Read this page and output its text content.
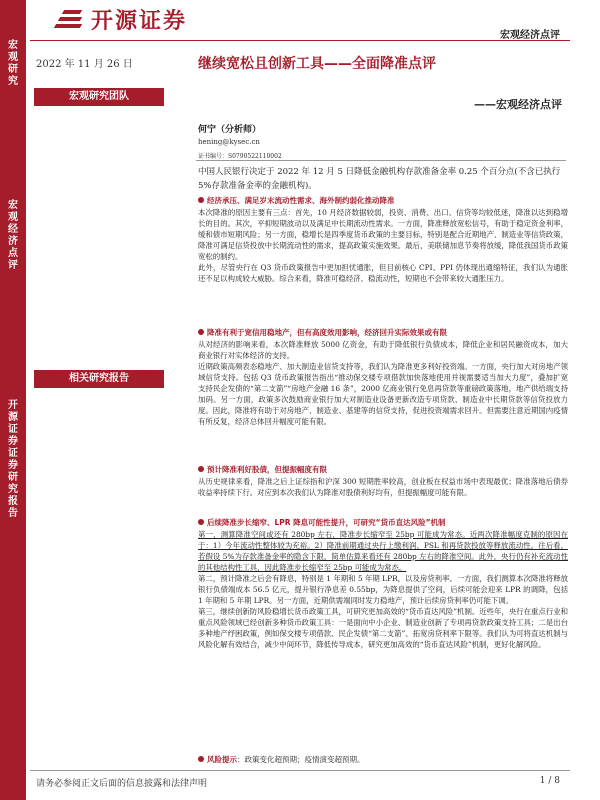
宏观研究
宏观经济点评
开源证券 证券研究报告
开源证券
宏观经济点评
2022 年 11 月 26 日
宏观研究团队
相关研究报告
继续宽松且创新工具——全面降准点评
——宏观经济点评
何宁（分析师）
hening@kysec.cn
证书编号：S0790522110002
中国人民银行决定于 2022 年 12 月 5 日降低金融机构存款准备金率 0.25 个百分点(不含已执行 5%存款准备金率的金融机构)。
经济承压、满足岁末流动性需求、海外制约弱化推动降准
本次降准的原因主要有三点：首先，10 月经济数据较弱，投资、消费、出口、信贷等均较低迷，降准以达到稳增长的目的。其次，平抑短期波动以及满足中长期流动性需求。一方面，降准释放宽松信号，有助于稳定资金利率，缓和债市短期风险；另一方面，稳增长是四季度货币政策的主要目标，特别是配合近期地产、制造业等信贷政策，降准可满足信贷投放中长期流动性的需求，提高政策实施效果。最后，美联储加息节奏将放缓，降低我国货币政策宽松的制约。
此外，尽管央行在 Q3 货币政策报告中更加担忧通胀，但目前核心 CPI、PPI 仍体现出通缩特征，我们认为通胀还不足以构成较大威胁。综合来看，降准可稳经济、稳流动性，短期也不会带来较大通胀压力。
降准有利于宽信用稳地产，但有高度效用影响，经济回升实际效果或有限
从对经济的影响来看，本次降准释放 5000 亿资金，有助于降低银行负债成本，降低企业和居民融资成本，加大商业银行对实体经济的支持。
近期政策高频表态稳地产、加大制造业信贷支持等，我们认为降准更多利好投资端。一方面，央行加大对房地产领域信贷支持。包括 Q3 货币政策报告指出“推动保交楼专项借款加快落地使用并视需要适当加大力度”，叠加扩宽支持民企发债的“第二支箭”“房地产金融 16 条”，2000 亿商业银行免息再贷款等重磅政策落地，地产供给端支持加码。另一方面，政策多次鼓励商业银行加大对制造业设备更新改造专项贷款、制造业中长期贷款等信贷投放力度。因此，降准将有助于对房地产、制造业、基建等的信贷支持，促进投资端需求回升。但需要注意近期国内疫情有所反复，经济总体回升幅度可能有限。
预计降准利好股债，但提振幅度有限
从历史规律来看，降准之后上证综指和沪深 300 短期胜率较高，创业板在权益市场中表现最优；降准落地后债券收益率持续下行。对应到本次我们认为降准对股债利好均有，但提振幅度可能有限。
后续降准步长缩窄、LPR 降息可能性提升，可研究“货币直达风险”机制
第一，测算降准空间或还有 280bp 左右，降准步长缩窄至 25bp 可能成为常态。近两次降准幅度克制的原因在于：1）今年流动性整体较为充裕。2）降准前期通过央行上缴利润、PSL 和再贷款投放等释放流动性。往后看，若假设 5%为存款准备金率的隐含下限，简单估算来看还有 280bp 左右的降准空间。此外，央行仍有补充流动性的其他结构性工具，因此降准步长缩窄至 25bp 可能成为常态。
第二，预计降准之后会有降息，特别是 1 年期和 5 年期 LPR，以及房贷利率。一方面，我们测算本次降准将释放银行负债端成本 56.5 亿元，提升银行净息差 0.55bp，为降息提供了空间，后续可能会迎来 LPR 的调降，包括 1 年期和 5 年期 LPR。另一方面，近期供需端同时发力稳地产，预计后续房贷利率仍可能下调。
第三，继续创新防风险稳增长货币政策工具，可研究更加高效的“货币直达风险”机制。近些年，央行在重点行业和重点风险领域已经创新多种货币政策工具：一是面向中小企业、制造业创新了专项再贷款政策支持工具；二是出台多种地产纾困政策，例如保交楼专项借款、民企发债“第二支箭”、拓宽房贷利率下限等。我们认为可将直达机制与风险化解有效结合，减少中间环节，降低传导成本，研究更加高效的“货币直达风险”机制，更好化解风险。
风险提示：政策变化超预期；疫情演变超预期。
请务必参阅正文后面的信息披露和法律声明	1 / 8
